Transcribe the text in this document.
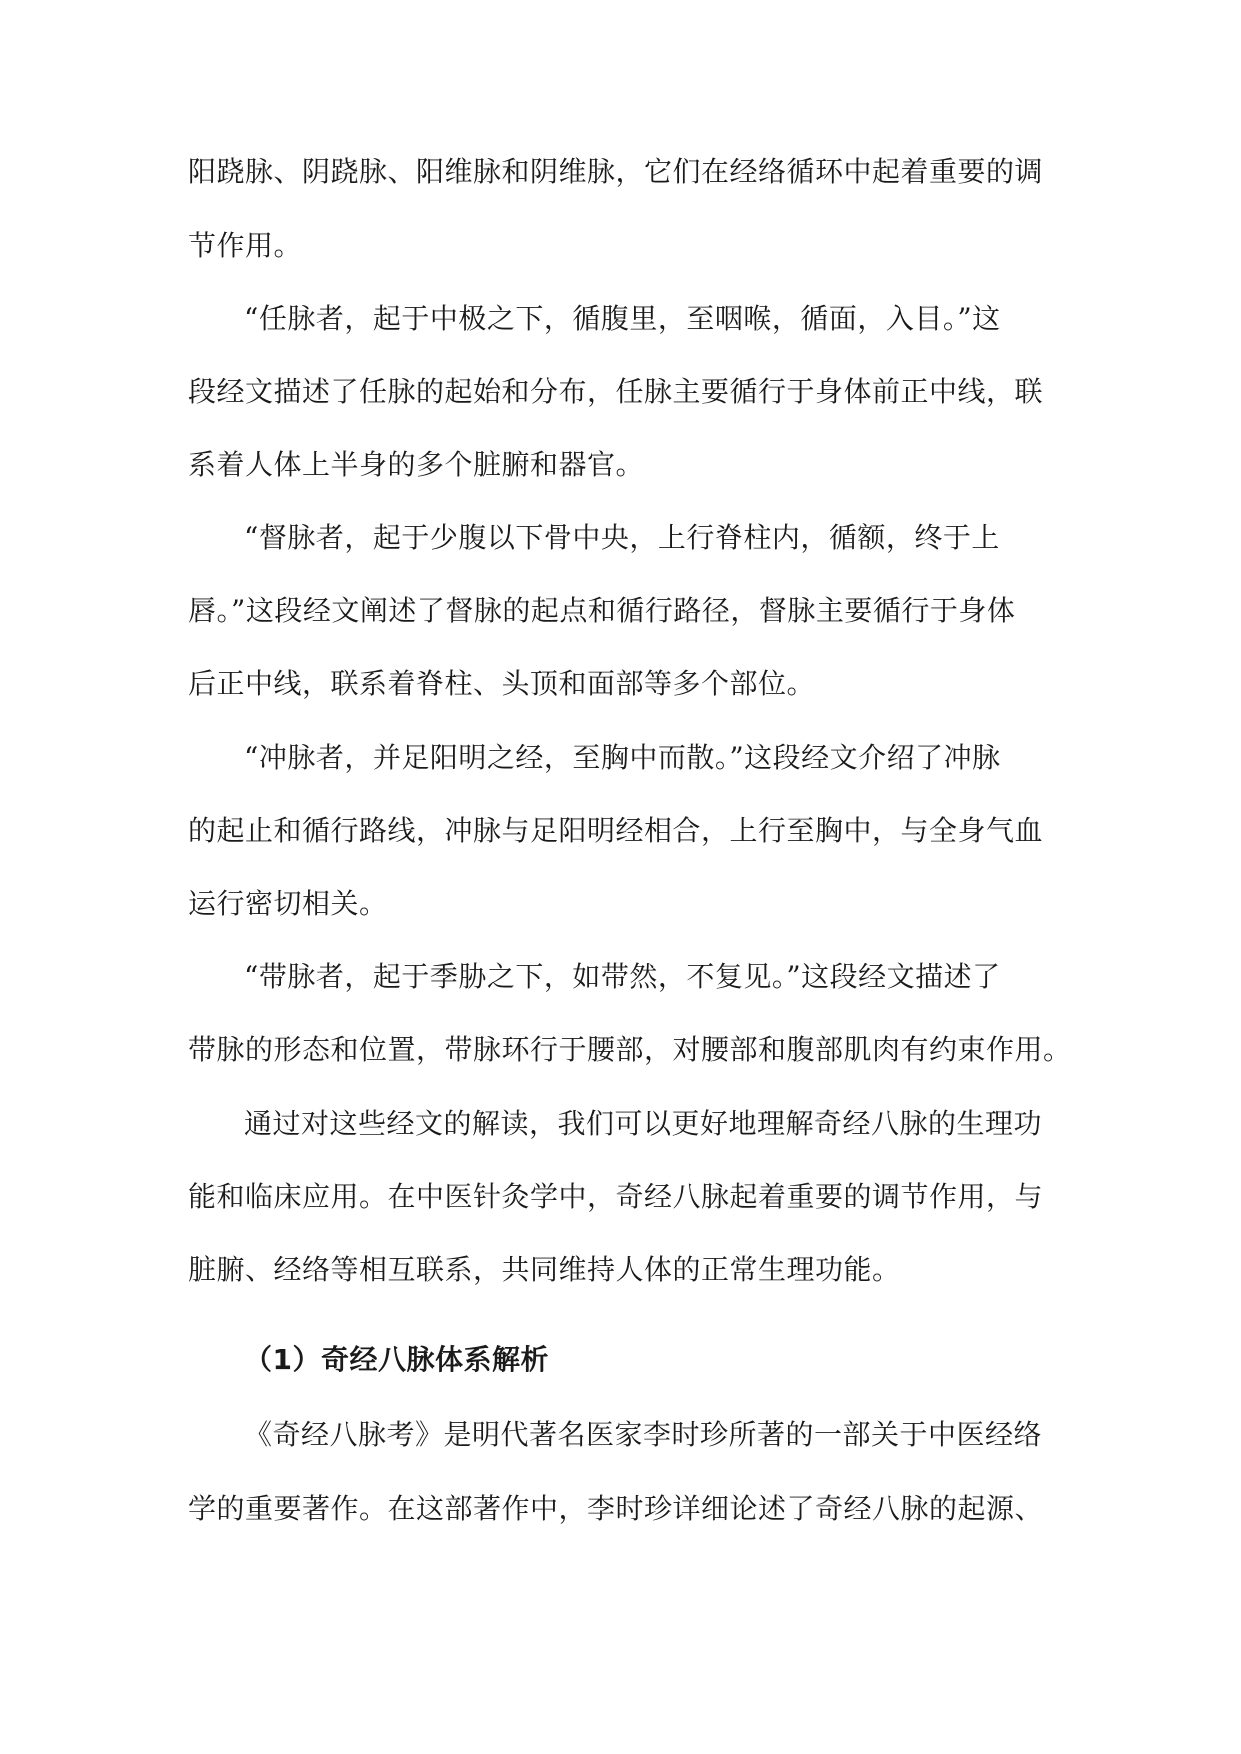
阳跷脉、阴跷脉、阳维脉和阴维脉，它们在经络循环中起着重要的调
节作用。
“任脉者，起于中极之下，循腹里，至咽喉，循面，入目。”这
段经文描述了任脉的起始和分布，任脉主要循行于身体前正中线，联
系着人体上半身的多个脏腑和器官。
“督脉者，起于少腹以下骨中央，上行脊柱内，循额，终于上
唇。”这段经文阐述了督脉的起点和循行路径，督脉主要循行于身体
后正中线，联系着脊柱、头顶和面部等多个部位。
“冲脉者，并足阳明之经，至胸中而散。”这段经文介绍了冲脉
的起止和循行路线，冲脉与足阳明经相合，上行至胸中，与全身气血
运行密切相关。
“带脉者，起于季胁之下，如带然，不复见。”这段经文描述了
带脉的形态和位置，带脉环行于腰部，对腰部和腹部肌肉有约束作用。
通过对这些经文的解读，我们可以更好地理解奇经八脉的生理功
能和临床应用。在中医针灸学中，奇经八脉起着重要的调节作用，与
脏腑、经络等相互联系，共同维持人体的正常生理功能。
（1）奇经八脉体系解析
《奇经八脉考》是明代著名医家李时珍所著的一部关于中医经络
学的重要著作。在这部著作中，李时珍详细论述了奇经八脉的起源、
